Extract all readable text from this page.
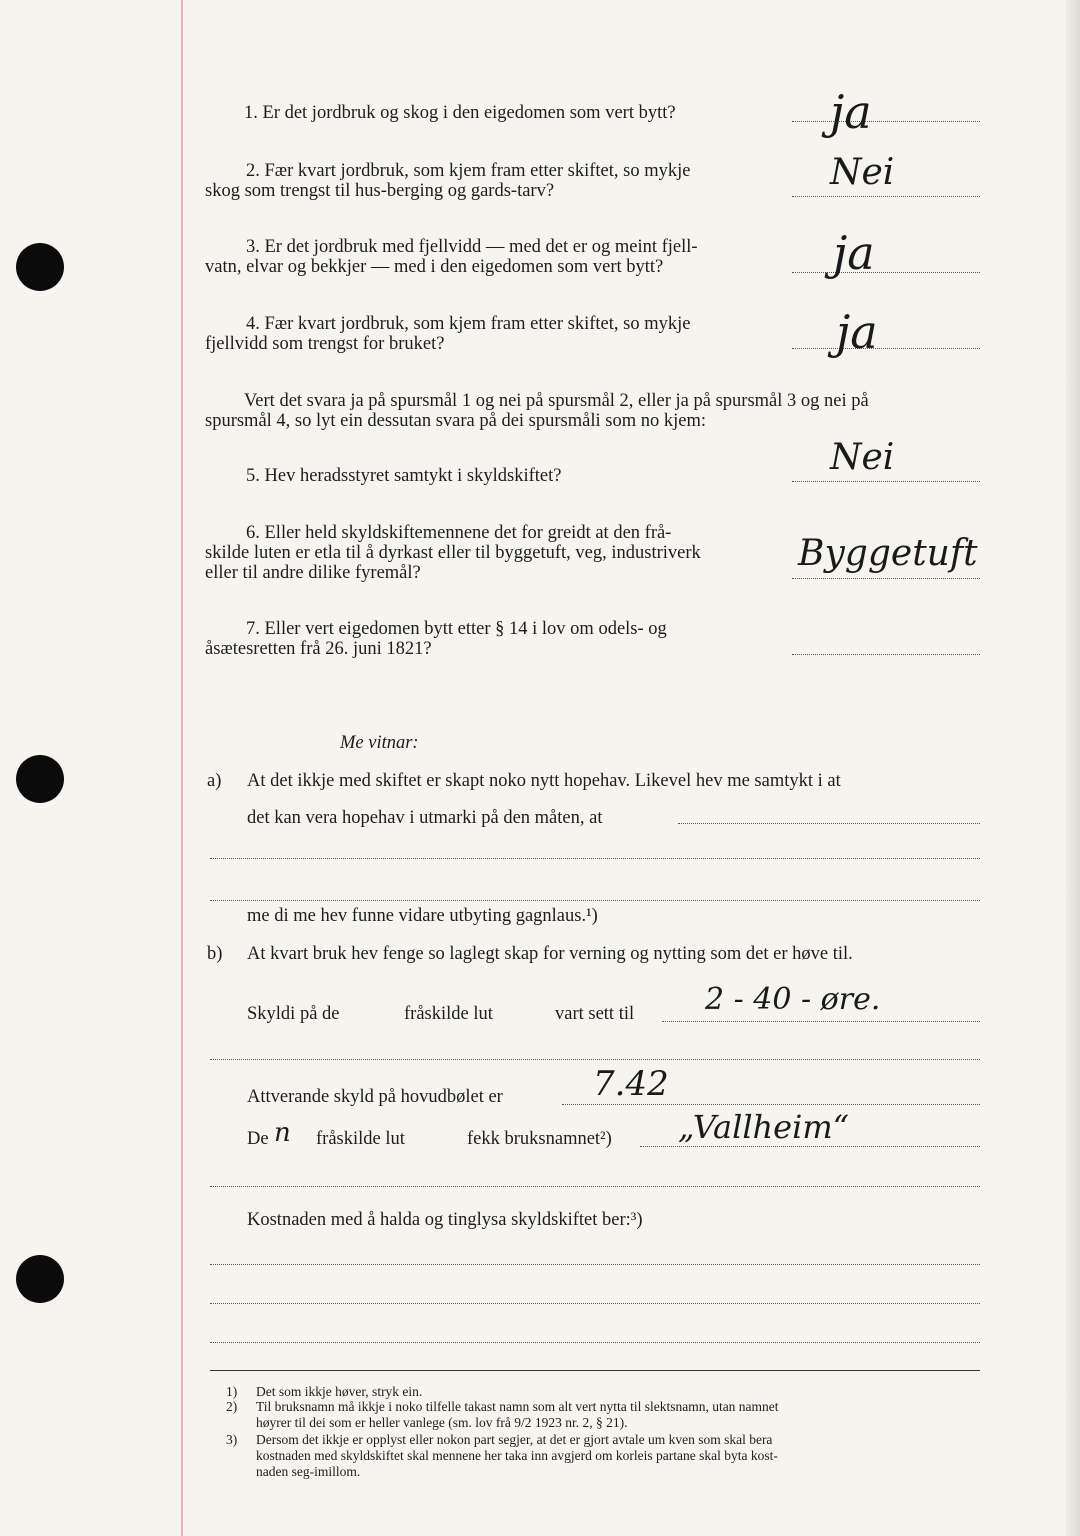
1. Er det jordbruk og skog i den eigedomen som vert bytt?	ja
2. Fær kvart jordbruk, som kjem fram etter skiftet, so mykje
skog som trengst til hus-berging og gards-tarv?	Nei
3. Er det jordbruk med fjellvidd — med det er og meint fjell-
vatn, elvar og bekkjer — med i den eigedomen som vert bytt?	ja
4. Fær kvart jordbruk, som kjem fram etter skiftet, so mykje
fjellvidd som trengst for bruket?	ja
Vert det svara ja på spursmål 1 og nei på spursmål 2, eller ja på spursmål 3 og nei på
spursmål 4, so lyt ein dessutan svara på dei spursmåli som no kjem:
5. Hev heradsstyret samtykt i skyldskiftet?	Nei
6. Eller held skyldskiftemennene det for greidt at den frå-
skilde luten er etla til å dyrkast eller til byggetuft, veg, industriverk
eller til andre dilike fyremål?	Byggetuft
7. Eller vert eigedomen bytt etter § 14 i lov om odels- og
åsætesretten frå 26. juni 1821?
Me vitnar:
a) At det ikkje med skiftet er skapt noko nytt hopehav. Likevel hev me samtykt i at
det kan vera hopehav i utmarki på den måten, at
me di me hev funne vidare utbyting gagnlaus.¹)
b) At kvart bruk hev fenge so laglegt skap for verning og nytting som det er høve til.
Skyldi på de	fråskilde lut	vart sett til 2 - 40 - øre.
Attverande skyld på hovudbølet er	7.42
De n fråskilde lut	fekk bruksnamnet²) „Vallheim“
Kostnaden med å halda og tinglysa skyldskiftet ber:³)
1) Det som ikkje høver, stryk ein.
2) Til bruksnamn må ikkje i noko tilfelle takast namn som alt vert nytta til slektsnamn, utan namnet
høyrer til dei som er heller vanlege (sm. lov frå 9/2 1923 nr. 2, § 21).
3) Dersom det ikkje er opplyst eller nokon part segjer, at det er gjort avtale um kven som skal bera
kostnaden med skyldskiftet skal mennene her taka inn avgjerd om korleis partane skal byta kost-
naden seg-imillom.
